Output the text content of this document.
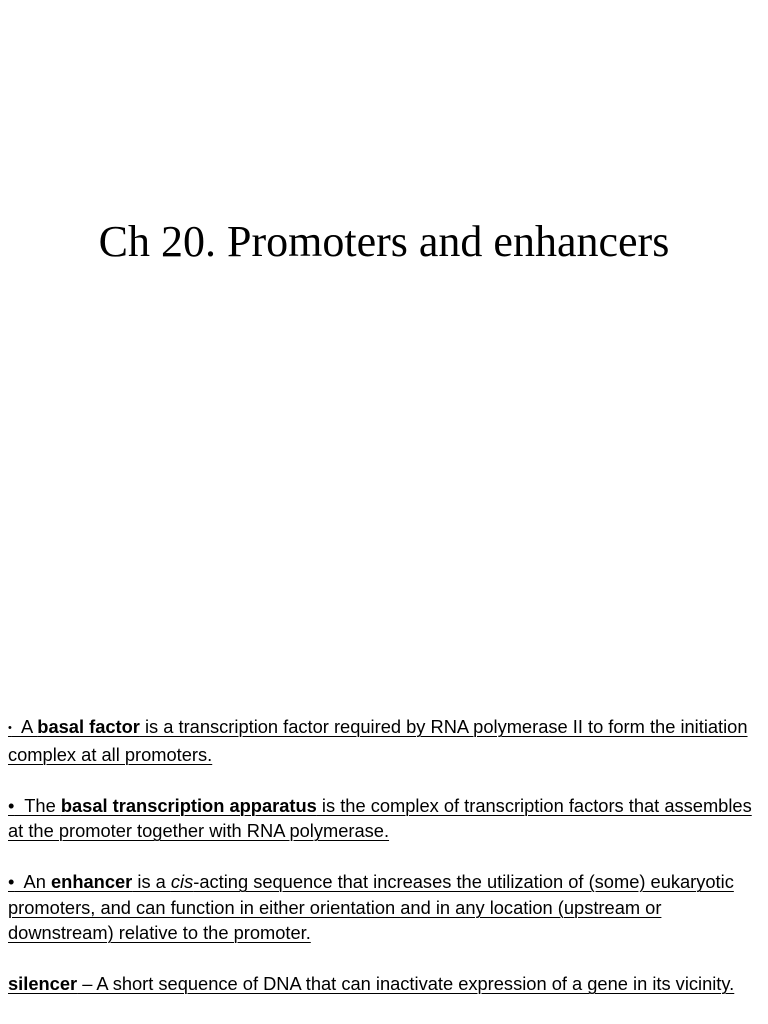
Ch 20. Promoters and enhancers

•  A basal factor is a transcription factor required by RNA polymerase II to form the initiation complex at all promoters.

•  The basal transcription apparatus is the complex of transcription factors that assembles at the promoter together with RNA polymerase.

•  An enhancer is a cis-acting sequence that increases the utilization of (some) eukaryotic promoters, and can function in either orientation and in any location (upstream or downstream) relative to the promoter.

silencer – A short sequence of DNA that can inactivate expression of a gene in its vicinity.
